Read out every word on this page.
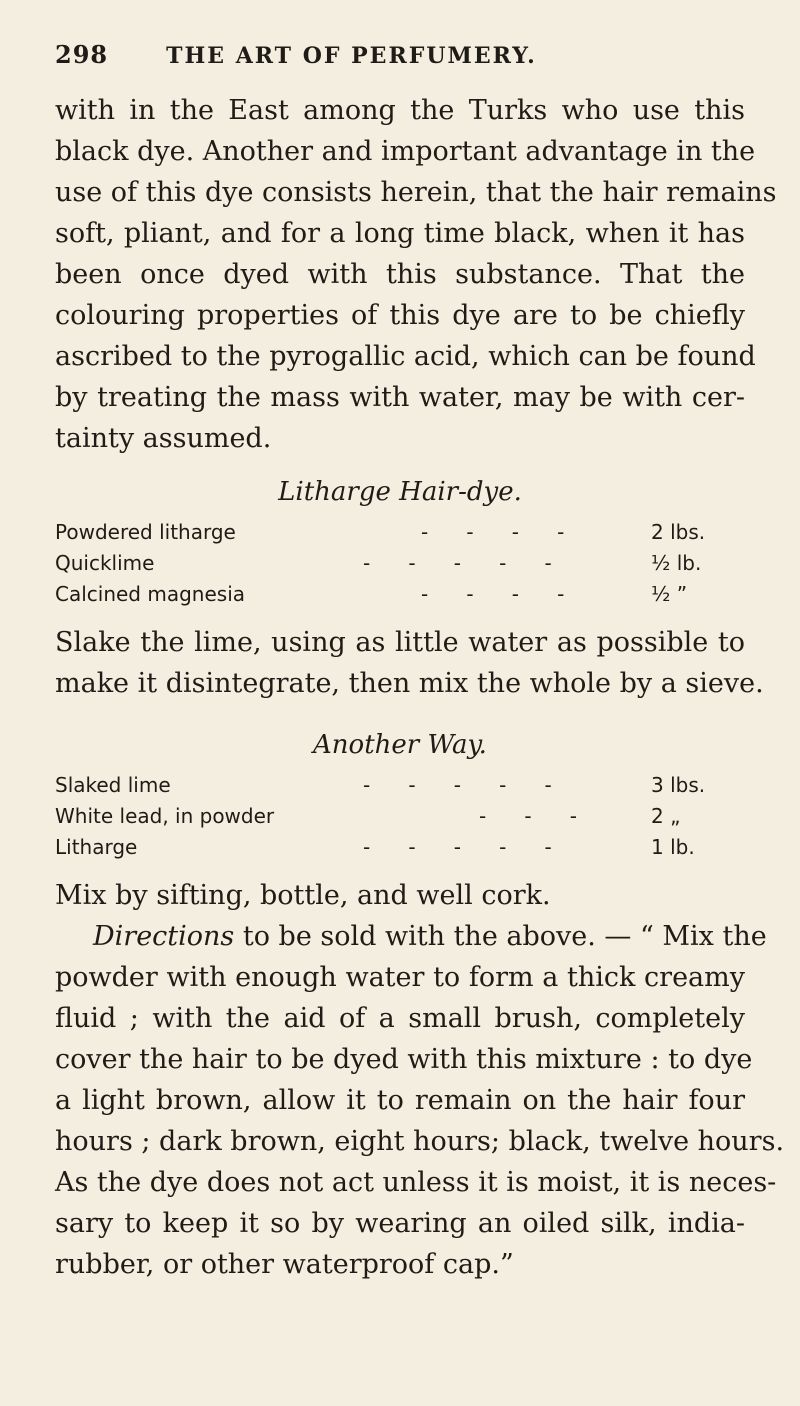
298	THE ART OF PERFUMERY.

with in the East among the Turks who use this
black dye. Another and important advantage in the
use of this dye consists herein, that the hair remains
soft, pliant, and for a long time black, when it has
been once dyed with this substance. That the
colouring properties of this dye are to be chiefly
ascribed to the pyrogallic acid, which can be found
by treating the mass with water, may be with cer-
tainty assumed.

Litharge Hair-dye.
Powdered litharge	-      -      -      -	2 lbs.
Quicklime	-      -      -      -      -	½ lb.
Calcined magnesia	-      -      -      -	½ ”

Slake the lime, using as little water as possible to
make it disintegrate, then mix the whole by a sieve.

Another Way.
Slaked lime	-      -      -      -      -	3 lbs.
White lead, in powder	-      -      -	2 „
Litharge	-      -      -      -      -	1 lb.

Mix by sifting, bottle, and well cork.

Directions to be sold with the above. — “ Mix the
powder with enough water to form a thick creamy
fluid ; with the aid of a small brush, completely
cover the hair to be dyed with this mixture : to dye
a light brown, allow it to remain on the hair four
hours ; dark brown, eight hours; black, twelve hours.
As the dye does not act unless it is moist, it is neces-
sary to keep it so by wearing an oiled silk, india-
rubber, or other waterproof cap.”
